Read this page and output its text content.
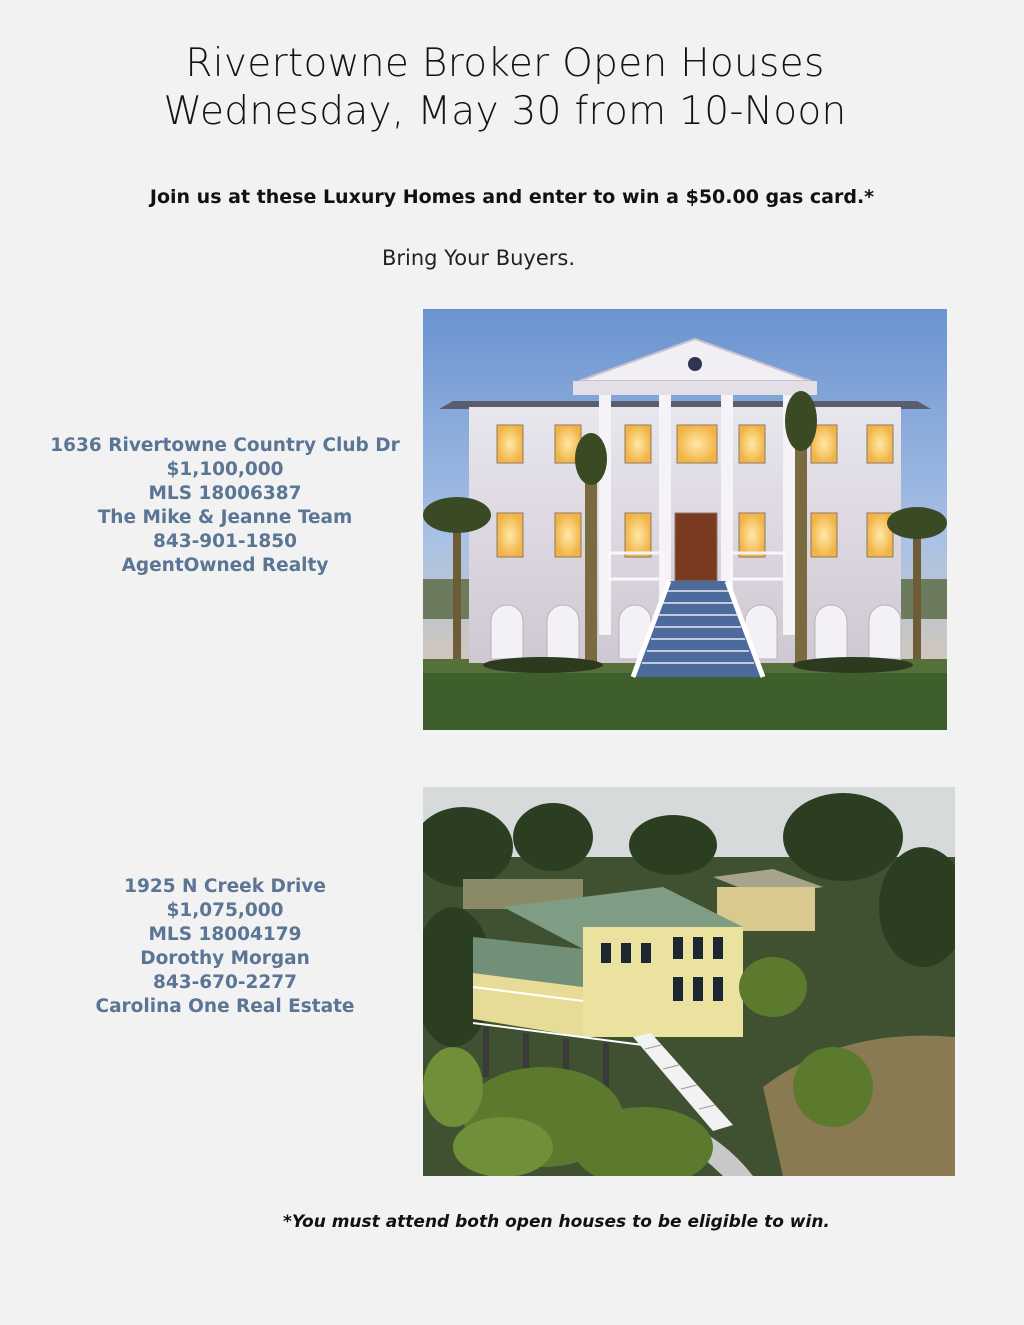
Rivertowne Broker Open Houses
Wednesday, May 30 from 10-Noon
Join us at these Luxury Homes and enter to win a $50.00 gas card.*
Bring Your Buyers.
1636 Rivertowne Country Club Dr
$1,100,000
MLS 18006387
The Mike & Jeanne Team
843-901-1850
AgentOwned Realty
1925 N Creek Drive
$1,075,000
MLS 18004179
Dorothy Morgan
843-670-2277
Carolina One Real Estate
*You must attend both open houses to be eligible to win.
